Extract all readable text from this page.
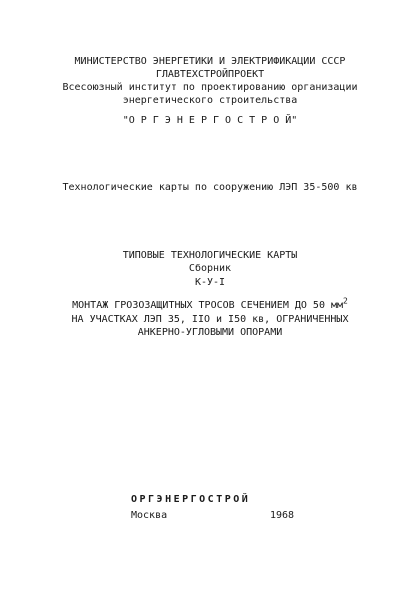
МИНИСТЕРСТВО ЭНЕРГЕТИКИ И ЭЛЕКТРИФИКАЦИИ СССР
ГЛАВТЕХСТРОЙПРОЕКТ
Всесоюзный институт по проектированию организации
энергетического строительства
"О Р Г Э Н Е Р Г О С Т Р О Й"
Технологические карты по сооружению ЛЭП 35-500 кв
ТИПОВЫЕ ТЕХНОЛОГИЧЕСКИЕ КАРТЫ
Сборник
К-У-I
МОНТАЖ ГРОЗОЗАЩИТНЫХ ТРОСОВ СЕЧЕНИЕМ ДО 50 $мм^2$
НА УЧАСТКАХ ЛЭП 35, IIO и I50 кв, ОГРАНИЧЕННЫХ
АНКЕРНО-УГЛОВЫМИ ОПОРАМИ
ОРГЭНЕРГОСТРОЙ
Москва	1968
